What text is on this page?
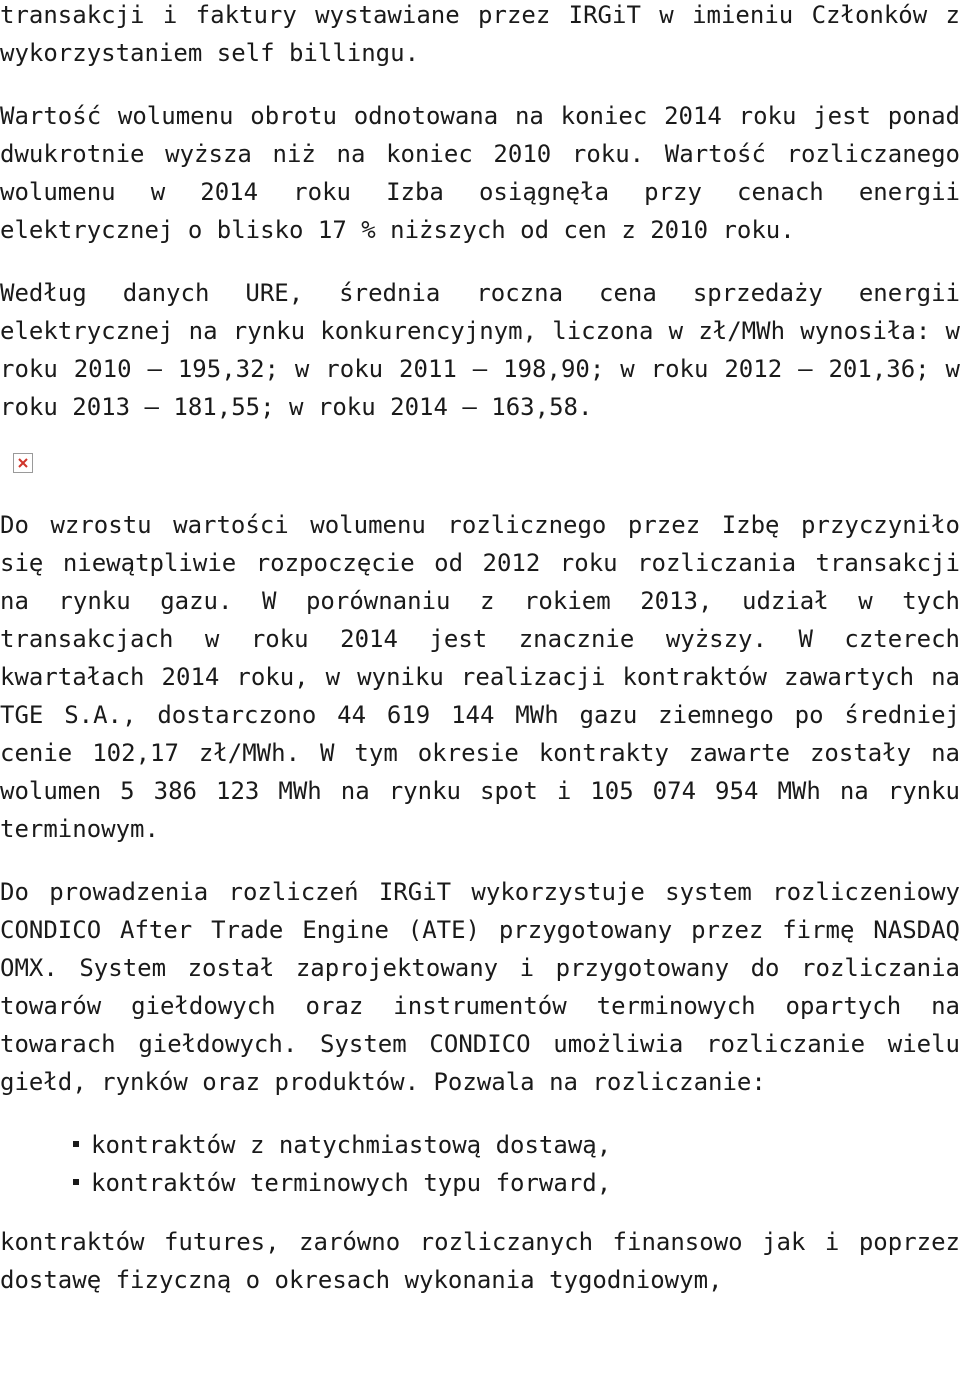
transakcji i faktury wystawiane przez IRGiT w imieniu Członków z wykorzystaniem self billingu.

Wartość wolumenu obrotu odnotowana na koniec 2014 roku jest ponad dwukrotnie wyższa niż na koniec 2010 roku. Wartość rozliczanego wolumenu w 2014 roku Izba osiągnęła przy cenach energii elektrycznej o blisko 17 % niższych od cen z 2010 roku.

Według danych URE, średnia roczna cena sprzedaży energii elektrycznej na rynku konkurencyjnym, liczona w zł/MWh wynosiła: w roku 2010 – 195,32; w roku 2011 – 198,90; w roku 2012 – 201,36; w roku 2013 – 181,55; w roku 2014 – 163,58.

Do wzrostu wartości wolumenu rozlicznego przez Izbę przyczyniło się niewątpliwie rozpoczęcie od 2012 roku rozliczania transakcji na rynku gazu. W porównaniu z rokiem 2013, udział w tych transakcjach w roku 2014 jest znacznie wyższy. W czterech kwartałach 2014 roku, w wyniku realizacji kontraktów zawartych na TGE S.A., dostarczono 44 619 144 MWh gazu ziemnego po średniej cenie 102,17 zł/MWh. W tym okresie kontrakty zawarte zostały na wolumen 5 386 123 MWh na rynku spot i 105 074 954 MWh na rynku terminowym.

Do prowadzenia rozliczeń IRGiT wykorzystuje system rozliczeniowy CONDICO After Trade Engine (ATE) przygotowany przez firmę NASDAQ OMX. System został zaprojektowany i przygotowany do rozliczania towarów giełdowych oraz instrumentów terminowych opartych na towarach giełdowych. System CONDICO umożliwia rozliczanie wielu giełd, rynków oraz produktów. Pozwala na rozliczanie:

kontraktów z natychmiastową dostawą,
kontraktów terminowych typu forward,

kontraktów futures, zarówno rozliczanych finansowo jak i poprzez dostawę fizyczną o okresach wykonania tygodniowym,
